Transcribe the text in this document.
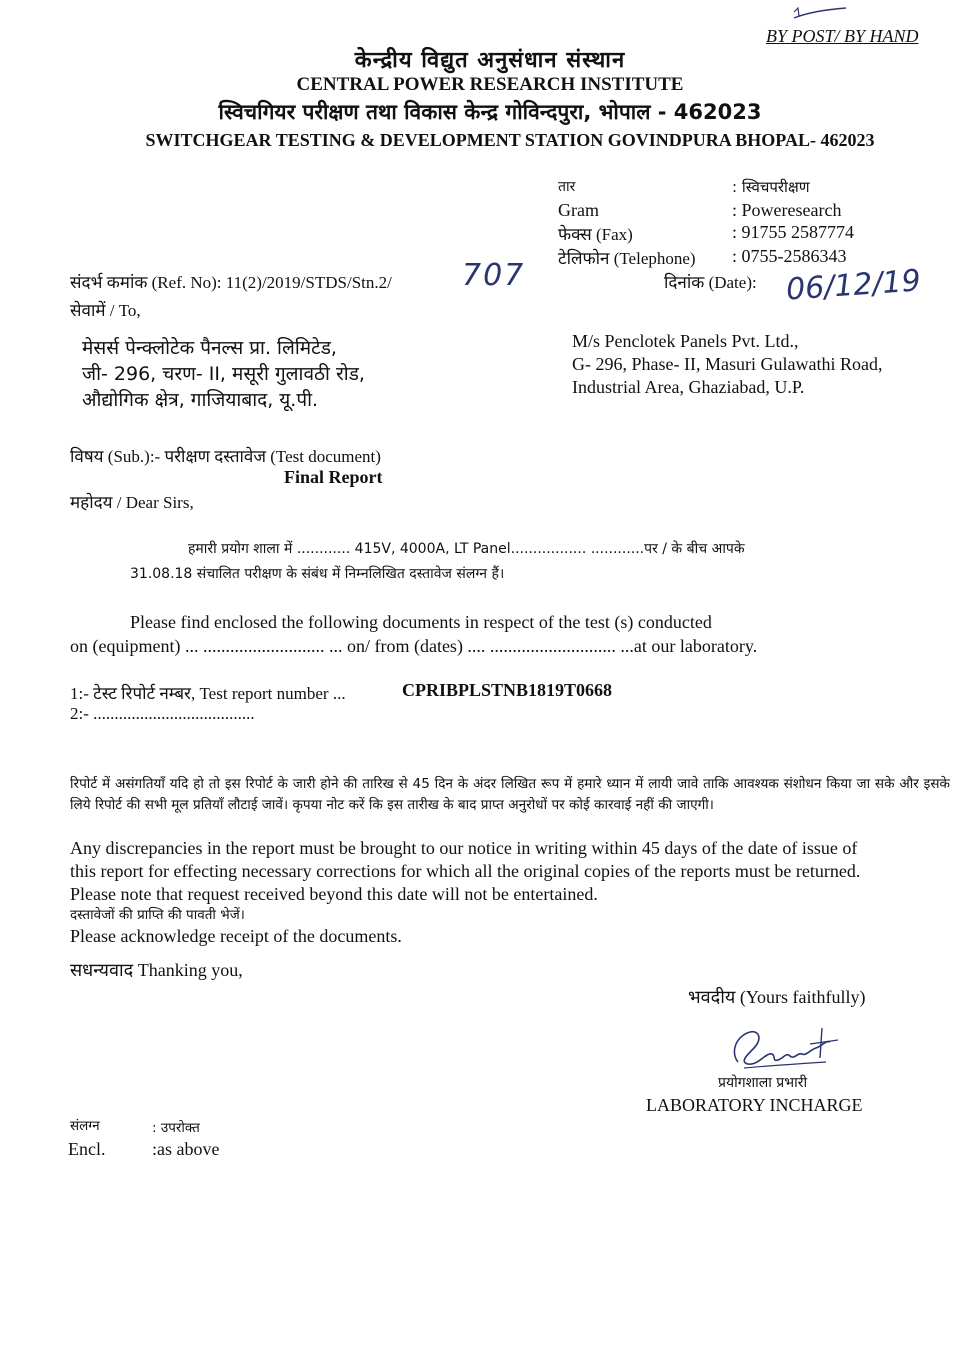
BY POST/ BY HAND
केन्द्रीय विद्युत अनुसंधान संस्थान
CENTRAL POWER RESEARCH INSTITUTE
स्विचगियर परीक्षण तथा विकास केन्द्र गोविन्दपुरा, भोपाल - 462023
SWITCHGEAR TESTING & DEVELOPMENT STATION GOVINDPURA BHOPAL- 462023
तार	: स्विचपरीक्षण
Gram	: Poweresearch
फेक्स (Fax)	: 91755 2587774
टेलिफोन (Telephone) : 0755-2586343
संदर्भ कमांक (Ref. No): 11(2)/2019/STDS/Stn.2/ 707	दिनांक (Date): 06/12/19
सेवामें / To,
मेसर्स पेन्क्लोटेक पैनल्स प्रा. लिमिटेड,
जी- 296, चरण- II, मसूरी गुलावठी रोड,
औद्योगिक क्षेत्र, गाजियाबाद, यू.पी.
M/s Penclotek Panels Pvt. Ltd.,
G- 296, Phase- II, Masuri Gulawathi Road,
Industrial Area, Ghaziabad, U.P.
विषय (Sub.):- परीक्षण दस्तावेज (Test document)
Final Report
महोदय / Dear Sirs,
हमारी प्रयोग शाला में ............ 415V, 4000A, LT Panel................. ............पर / के बीच आपके
31.08.18 संचालित परीक्षण के संबंध में निम्नलिखित दस्तावेज संलग्न हैं।
Please find enclosed the following documents in respect of the test (s) conducted
on (equipment) ... ........................... ... on/ from (dates) .... ............................ ...at our laboratory.
1:- टेस्ट रिपोर्ट नम्बर, Test report number ...	CPRIBPLSTNB1819T0668
2:- ......................................
रिपोर्ट में असंगतियाँ यदि हो तो इस रिपोर्ट के जारी होने की तारिख से 45 दिन के अंदर लिखित रूप में हमारे ध्यान में लायी जावे ताकि आवश्यक संशोधन किया जा सके और इसके लिये रिपोर्ट की सभी मूल प्रतियाँ लौटाई जावें। कृपया नोट करें कि इस तारीख के बाद प्राप्त अनुरोधों पर कोई कारवाई नहीं की जाएगी।
Any discrepancies in the report must be brought to our notice in writing within 45 days of the date of issue of
this report for effecting necessary corrections for which all the original copies of the reports must be returned.
Please note that request received beyond this date will not be entertained.
दस्तावेजों की प्राप्ति की पावती भेजें।
Please acknowledge receipt of the documents.
सधन्यवाद Thanking you,
भवदीय (Yours faithfully)
प्रयोगशाला प्रभारी
LABORATORY INCHARGE
संलग्न	: उपरोक्त
Encl.	:as above
